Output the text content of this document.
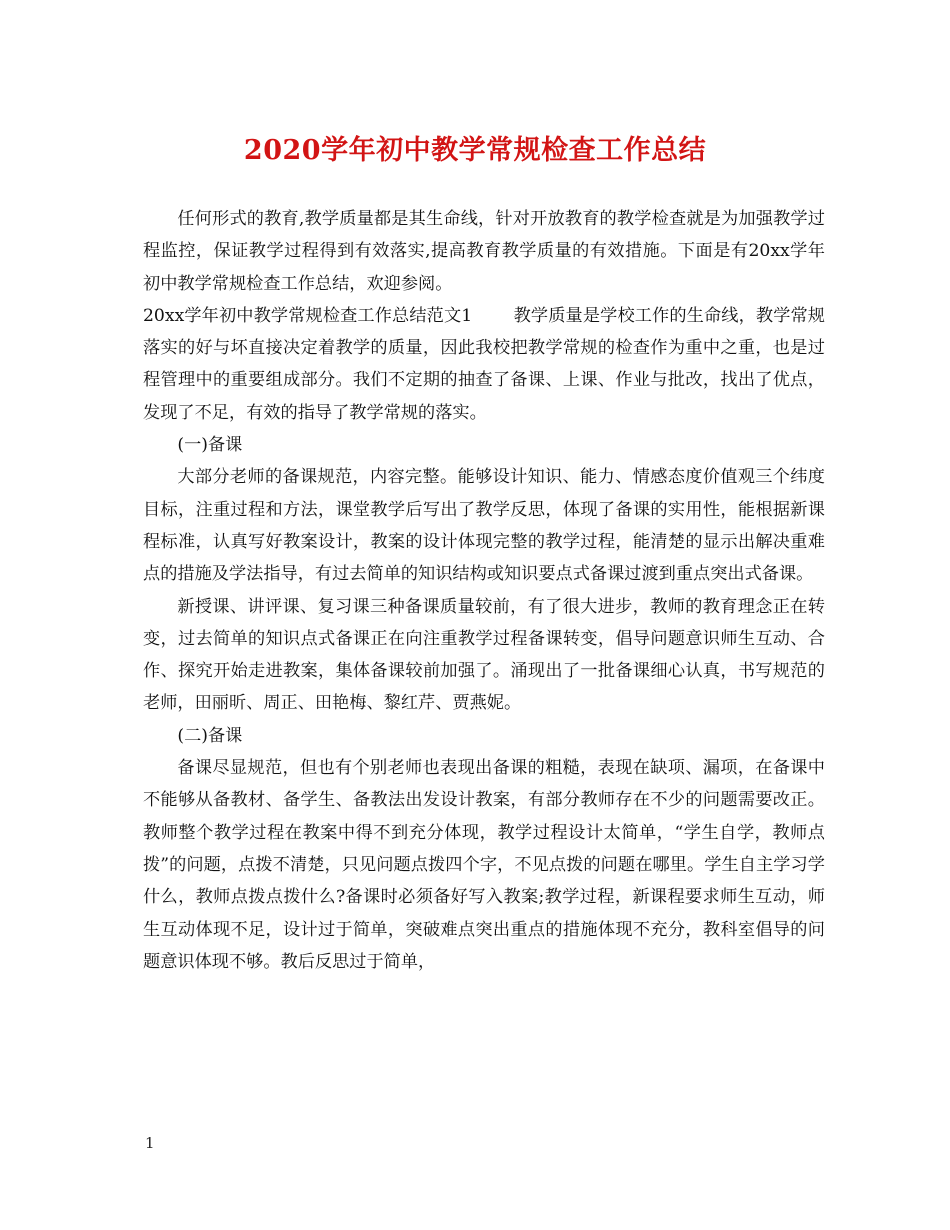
2020学年初中教学常规检查工作总结

任何形式的教育,教学质量都是其生命线，针对开放教育的教学检查就是为加强教学过程监控，保证教学过程得到有效落实,提高教育教学质量的有效措施。下面是有20xx学年初中教学常规检查工作总结，欢迎参阅。

20xx学年初中教学常规检查工作总结范文1 教学质量是学校工作的生命线，教学常规落实的好与坏直接决定着教学的质量，因此我校把教学常规的检查作为重中之重，也是过程管理中的重要组成部分。我们不定期的抽查了备课、上课、作业与批改，找出了优点，发现了不足，有效的指导了教学常规的落实。

(一)备课

大部分老师的备课规范，内容完整。能够设计知识、能力、情感态度价值观三个纬度目标，注重过程和方法，课堂教学后写出了教学反思，体现了备课的实用性，能根据新课程标准，认真写好教案设计，教案的设计体现完整的教学过程，能清楚的显示出解决重难点的措施及学法指导，有过去简单的知识结构或知识要点式备课过渡到重点突出式备课。

新授课、讲评课、复习课三种备课质量较前，有了很大进步，教师的教育理念正在转变，过去简单的知识点式备课正在向注重教学过程备课转变，倡导问题意识师生互动、合作、探究开始走进教案，集体备课较前加强了。涌现出了一批备课细心认真，书写规范的老师，田丽昕、周正、田艳梅、黎红芹、贾燕妮。

(二)备课

备课尽显规范，但也有个别老师也表现出备课的粗糙，表现在缺项、漏项，在备课中不能够从备教材、备学生、备教法出发设计教案，有部分教师存在不少的问题需要改正。教师整个教学过程在教案中得不到充分体现，教学过程设计太简单，“学生自学，教师点拨”的问题，点拨不清楚，只见问题点拨四个字，不见点拨的问题在哪里。学生自主学习学什么，教师点拨点拨什么?备课时必须备好写入教案;教学过程，新课程要求师生互动，师生互动体现不足，设计过于简单，突破难点突出重点的措施体现不充分，教科室倡导的问题意识体现不够。教后反思过于简单，

1
